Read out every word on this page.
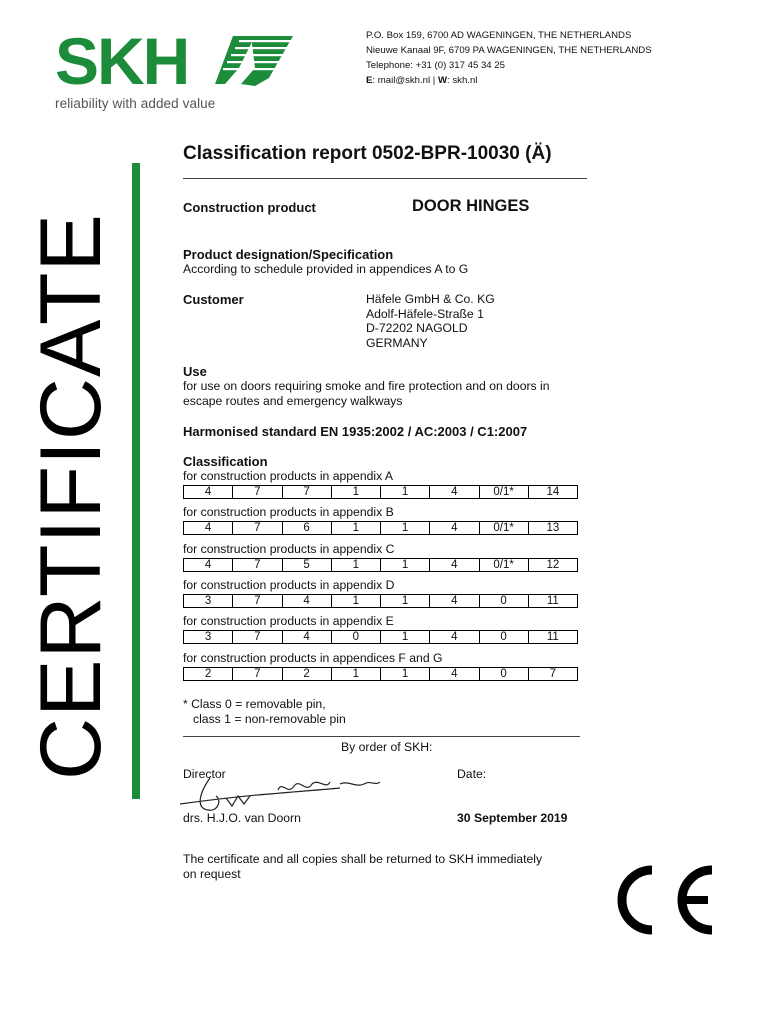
SKH
reliability with added value
P.O. Box 159, 6700 AD WAGENINGEN, THE NETHERLANDS
Nieuwe Kanaal 9F, 6709 PA WAGENINGEN, THE NETHERLANDS
Telephone: +31 (0) 317 45 34 25
E: mail@skh.nl | W: skh.nl
CERTIFICATE
Classification report 0502-BPR-10030 (Ä)
Construction product	DOOR HINGES
Product designation/Specification
According to schedule provided in appendices A to G
Customer	Häfele GmbH & Co. KG
Adolf-Häfele-Straße 1
D-72202 NAGOLD
GERMANY
Use
for use on doors requiring smoke and fire protection and on doors in
escape routes and emergency walkways
Harmonised standard EN 1935:2002 / AC:2003 / C1:2007
Classification
for construction products in appendix A
4	7	7	1	1	4	0/1*	14
for construction products in appendix B
4	7	6	1	1	4	0/1*	13
for construction products in appendix C
4	7	5	1	1	4	0/1*	12
for construction products in appendix D
3	7	4	1	1	4	0	11
for construction products in appendix E
3	7	4	0	1	4	0	11
for construction products in appendices F and G
2	7	2	1	1	4	0	7
* Class 0 = removable pin,
class 1 = non-removable pin
By order of SKH:
Director	Date:
drs. H.J.O. van Doorn	30 September 2019
The certificate and all copies shall be returned to SKH immediately
on request
